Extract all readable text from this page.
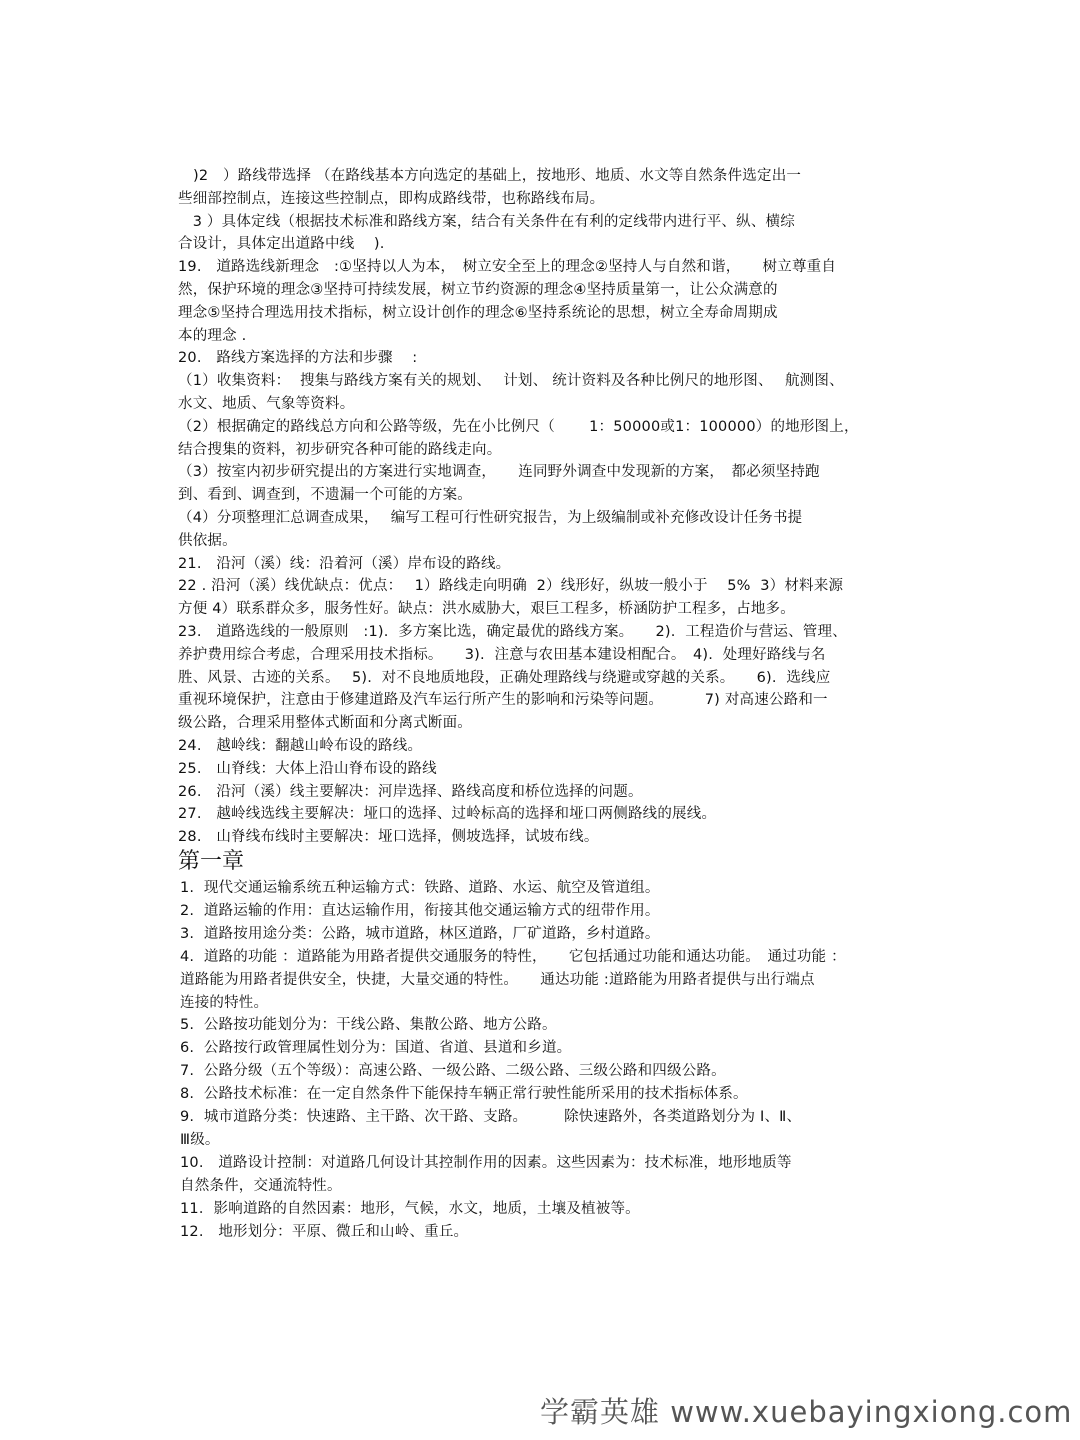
)2　）路线带选择 （在路线基本方向选定的基础上，按地形、地质、水文等自然条件选定出一
些细部控制点，连接这些控制点，即构成路线带，也称路线布局。
　3 ）具体定线（根据技术标准和路线方案，结合有关条件在有利的定线带内进行平、纵、横综
合设计，具体定出道路中线　 ).
19.　道路选线新理念　:①坚持以人为本，　树立安全至上的理念②坚持人与自然和谐，　　树立尊重自
然，保护环境的理念③坚持可持续发展，树立节约资源的理念④坚持质量第一，让公众满意的
理念⑤坚持合理选用技术指标，树立设计创作的理念⑥坚持系统论的思想，树立全寿命周期成
本的理念 .
20.　路线方案选择的方法和步骤　 :
（1）收集资料：  搜集与路线方案有关的规划、　 计划、 统计资料及各种比例尺的地形图、　 航测图、
水文、地质、气象等资料。
（2）根据确定的路线总方向和公路等级，先在小比例尺（　　 1：50000或1：100000）的地形图上，
结合搜集的资料，初步研究各种可能的路线走向。
（3）按室内初步研究提出的方案进行实地调查，　　连同野外调查中发现新的方案，　都必须坚持跑
到、看到、调查到，不遗漏一个可能的方案。
（4）分项整理汇总调查成果，　 编写工程可行性研究报告，为上级编制或补充修改设计任务书提
供依据。
21.　沿河（溪）线：沿着河（溪）岸布设的路线。
22 . 沿河（溪）线优缺点：优点：　 1）路线走向明确  2）线形好，纵坡一般小于　 5%  3）材料来源
方便 4）联系群众多，服务性好。缺点：洪水威胁大，艰巨工程多，桥涵防护工程多，占地多。
23.　道路选线的一般原则　:1).  多方案比选，确定最优的路线方案。　　2).  工程造价与营运、管理、
养护费用综合考虑，合理采用技术指标。　　3).  注意与农田基本建设相配合。　4).  处理好路线与名
胜、风景、古迹的关系。　 5).  对不良地质地段，正确处理路线与绕避或穿越的关系。　　6).  选线应
重视环境保护，注意由于修建道路及汽车运行所产生的影响和污染等问题。　　　 7) 对高速公路和一
级公路，合理采用整体式断面和分离式断面。
24.　越岭线：翻越山岭布设的路线。
25.　山脊线：大体上沿山脊布设的路线
26.　沿河（溪）线主要解决：河岸选择、路线高度和桥位选择的问题。
27.　越岭线选线主要解决：垭口的选择、过岭标高的选择和垭口两侧路线的展线。
28.　山脊线布线时主要解决：垭口选择，侧坡选择，试坡布线。
第一章
1.  现代交通运输系统五种运输方式：铁路、道路、水运、航空及管道组。
2.  道路运输的作用：直达运输作用，衔接其他交通运输方式的纽带作用。
3.  道路按用途分类：公路，城市道路，林区道路，厂矿道路，乡村道路。
4.  道路的功能 ：道路能为用路者提供交通服务的特性，　　它包括通过功能和通达功能。　通过功能 ：
道路能为用路者提供安全，快捷，大量交通的特性。　　通达功能 :道路能为用路者提供与出行端点
连接的特性。
5.  公路按功能划分为：干线公路、集散公路、地方公路。
6.  公路按行政管理属性划分为：国道、省道、县道和乡道。
7.  公路分级（五个等级）：高速公路、一级公路、二级公路、三级公路和四级公路。
8.  公路技术标准：在一定自然条件下能保持车辆正常行驶性能所采用的技术指标体系。
9.  城市道路分类：快速路、主干路、次干路、支路。　　　除快速路外，各类道路划分为 Ⅰ、Ⅱ、
Ⅲ级。
10.　道路设计控制：对道路几何设计其控制作用的因素。这些因素为：技术标准，地形地质等
自然条件，交通流特性。
11．影响道路的自然因素：地形，气候，水文，地质，土壤及植被等。
12.　地形划分：平原、微丘和山岭、重丘。
学霸英雄 www.xuebayingxiong.com
